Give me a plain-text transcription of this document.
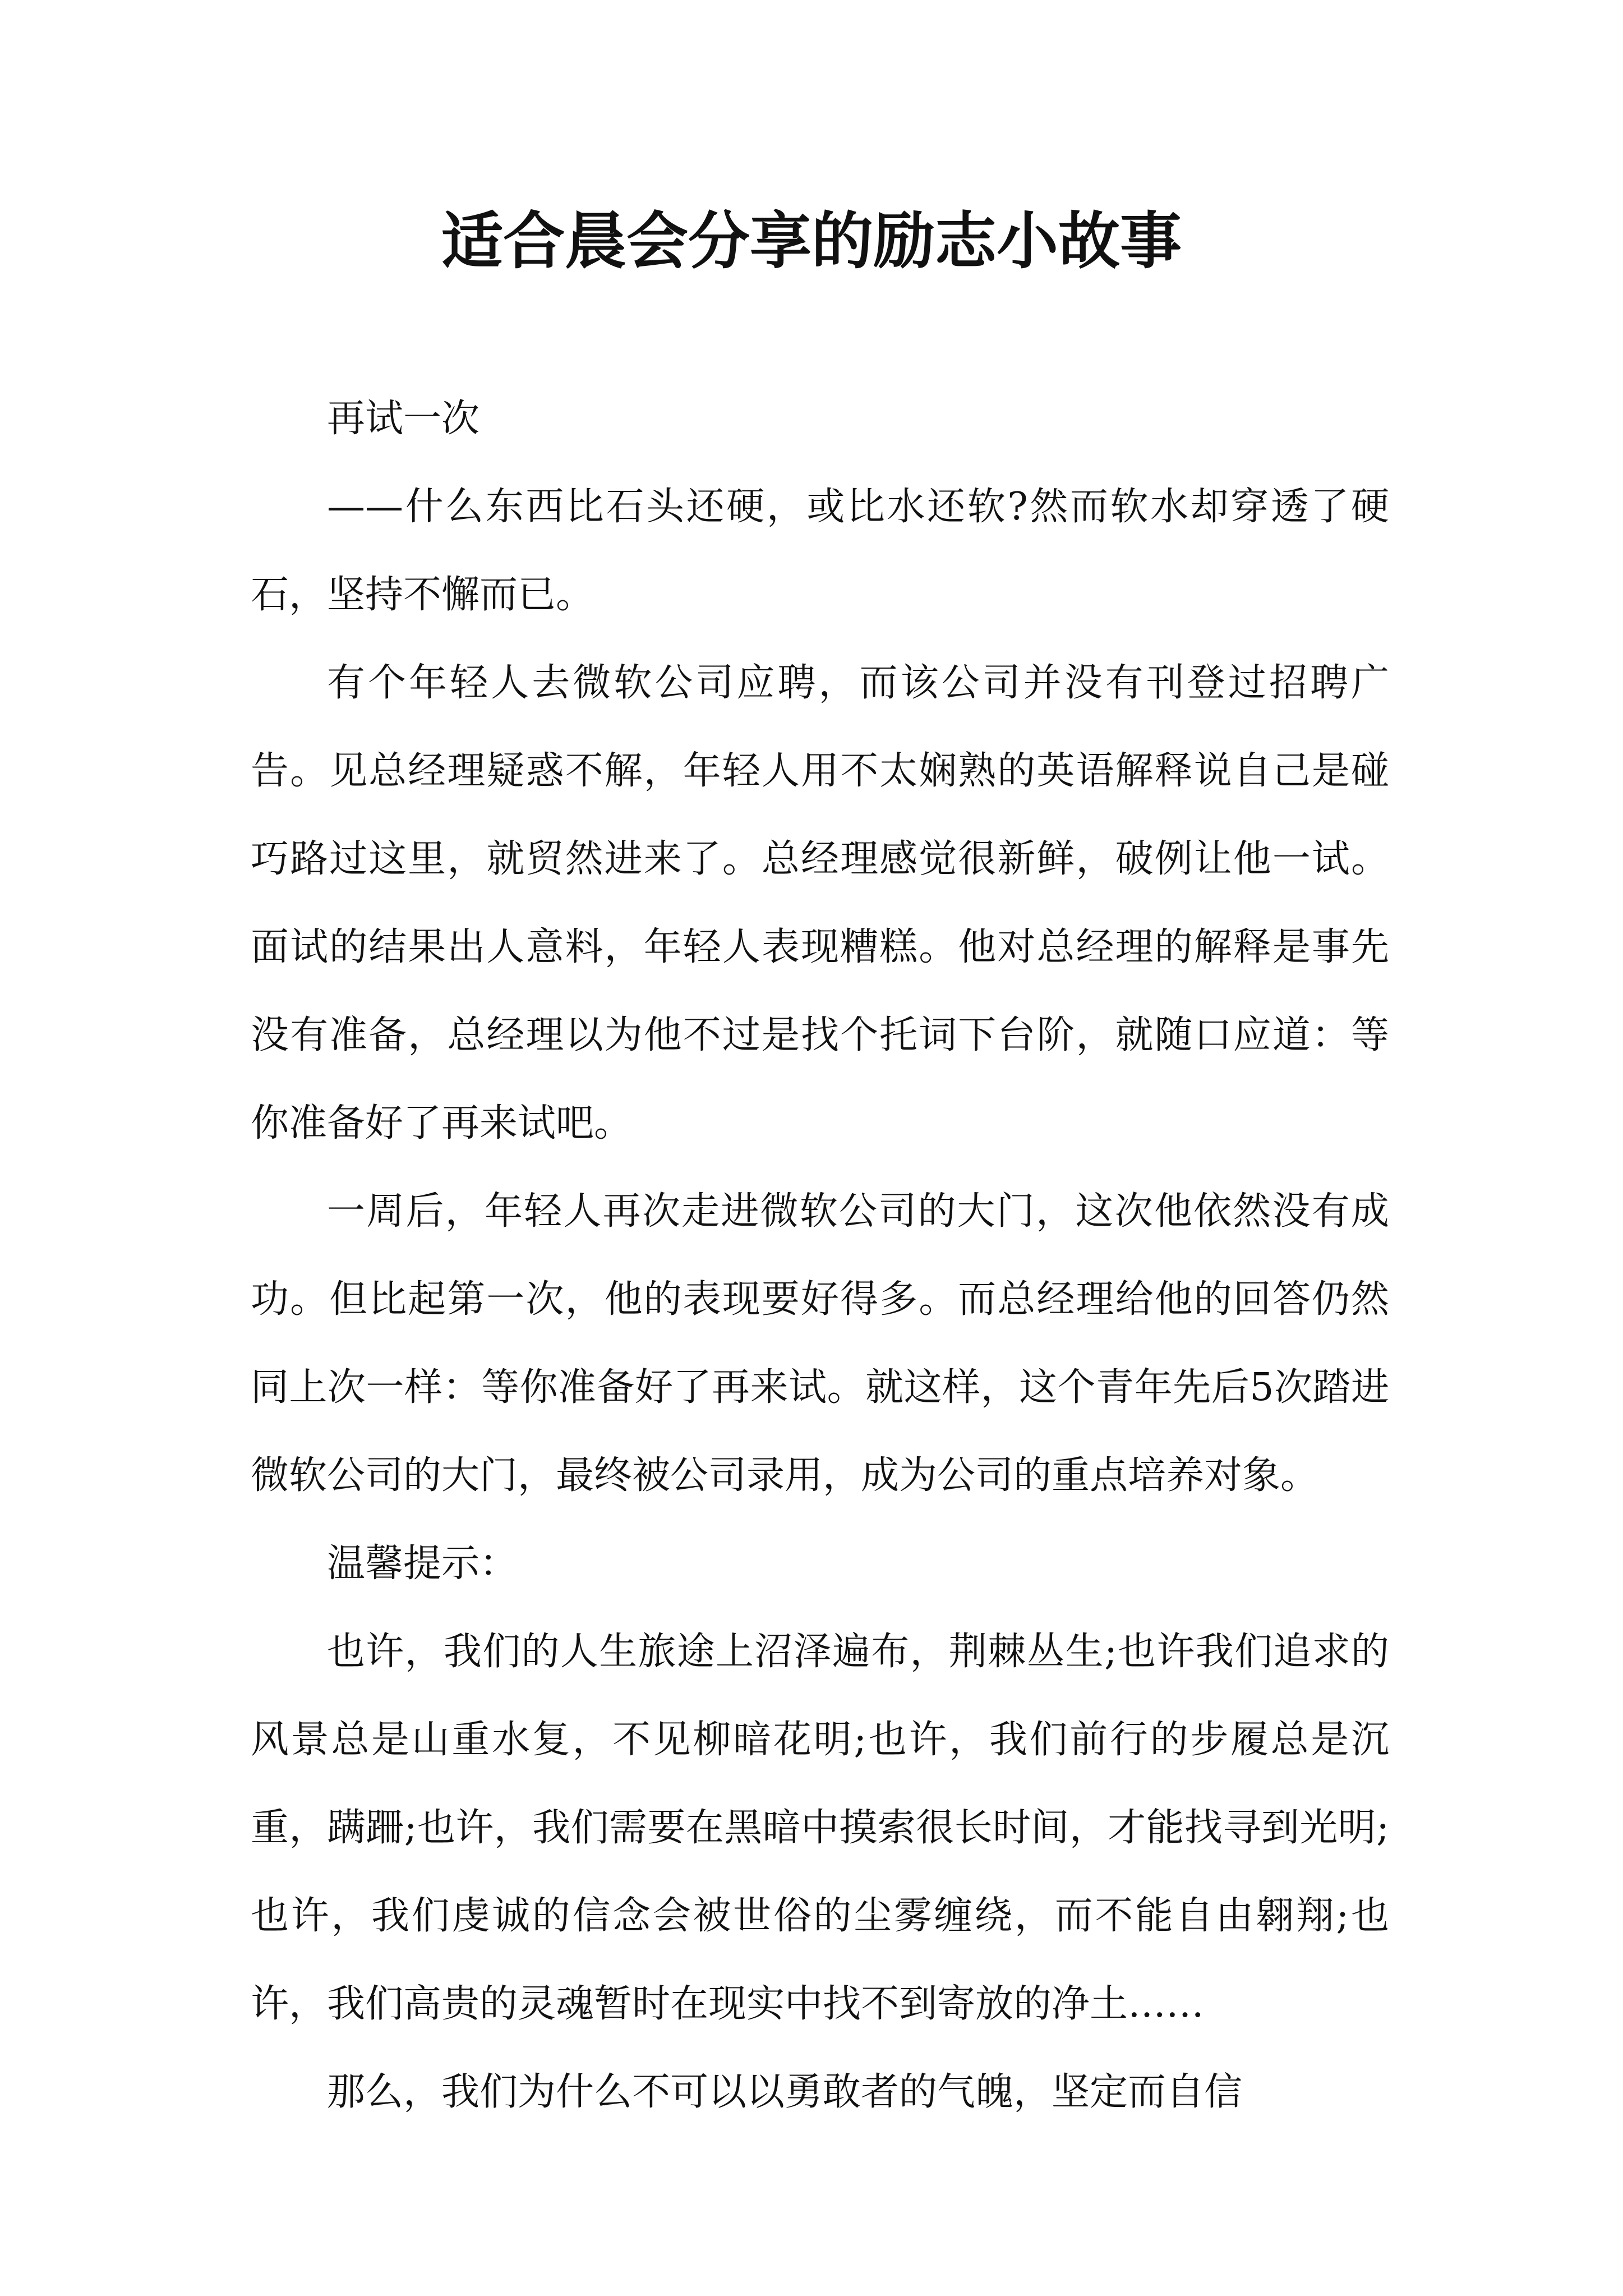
适合晨会分享的励志小故事

再试一次

——什么东西比石头还硬，或比水还软?然而软水却穿透了硬石，坚持不懈而已。

有个年轻人去微软公司应聘，而该公司并没有刊登过招聘广告。见总经理疑惑不解，年轻人用不太娴熟的英语解释说自己是碰巧路过这里，就贸然进来了。总经理感觉很新鲜，破例让他一试。面试的结果出人意料，年轻人表现糟糕。他对总经理的解释是事先没有准备，总经理以为他不过是找个托词下台阶，就随口应道：等你准备好了再来试吧。

一周后，年轻人再次走进微软公司的大门，这次他依然没有成功。但比起第一次，他的表现要好得多。而总经理给他的回答仍然同上次一样：等你准备好了再来试。就这样，这个青年先后5次踏进微软公司的大门，最终被公司录用，成为公司的重点培养对象。

温馨提示：

也许，我们的人生旅途上沼泽遍布，荆棘丛生;也许我们追求的风景总是山重水复，不见柳暗花明;也许，我们前行的步履总是沉重，蹒跚;也许，我们需要在黑暗中摸索很长时间，才能找寻到光明;也许，我们虔诚的信念会被世俗的尘雾缠绕，而不能自由翱翔;也许，我们高贵的灵魂暂时在现实中找不到寄放的净土……

那么，我们为什么不可以以勇敢者的气魄，坚定而自信
